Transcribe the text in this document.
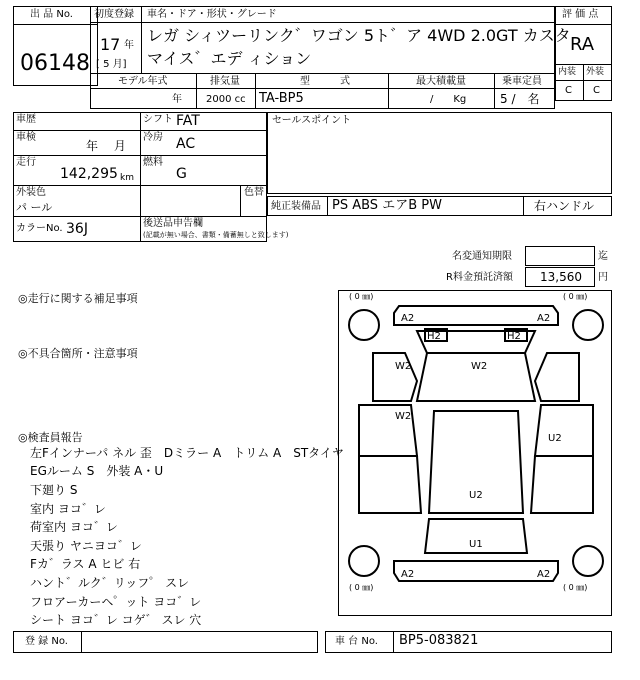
出 品 No.
06148
初度登録
17 年
[ 5 月]
車名・ドア・形状・グレード
レガ シィツーリンク゛ワゴン 5ト゛ア 4WD 2.0GT カスタ
マイス゛エデ ィション
モデル年式
年
排気量
2000 cc
型　　　式
TA-BP5
最大積載量
/　　Kg
乗車定員
5 /　名
評 価 点
RA
内装 外装
C C
車歴	シフト FAT
車検
年　 月
冷房 AC
走行
142,295 km
燃料
G
外装色
パ ール
色替
カラーNo. 36J	後送品申告欄
(記載が無い場合、書類・備蓄無しと致します)
セールスポイント
純正装備品 PS ABS エアB PW	右ハンドル
名変通知期限	迄
R料金預託済額 13,560 円
◎走行に関する補足事項
◎不具合箇所・注意事項
◎検査員報告
左Fインナーパ ネル 歪　Dミラー A　トリム A　STタイヤ
EGルーム S　外装 A・U
下廻り S
室内 ヨコ゛レ
荷室内 ヨコ゛レ
天張り ヤニヨコ゛レ
Fカ゛ラス A ヒビ 右
ハント゛ルク゛リッフ゜ スレ
フロアーカーヘ゜ット ヨコ゛レ
シート ヨコ゛レ コゲ゛ スレ 穴
( 0 ㎜)	( 0 ㎜)
( 0 ㎜)	( 0 ㎜)
A2	A2
H2	H2
W2	W2
W2
U2
U2
U1
A2	A2
登 録 No.	車 台 No. BP5-083821
